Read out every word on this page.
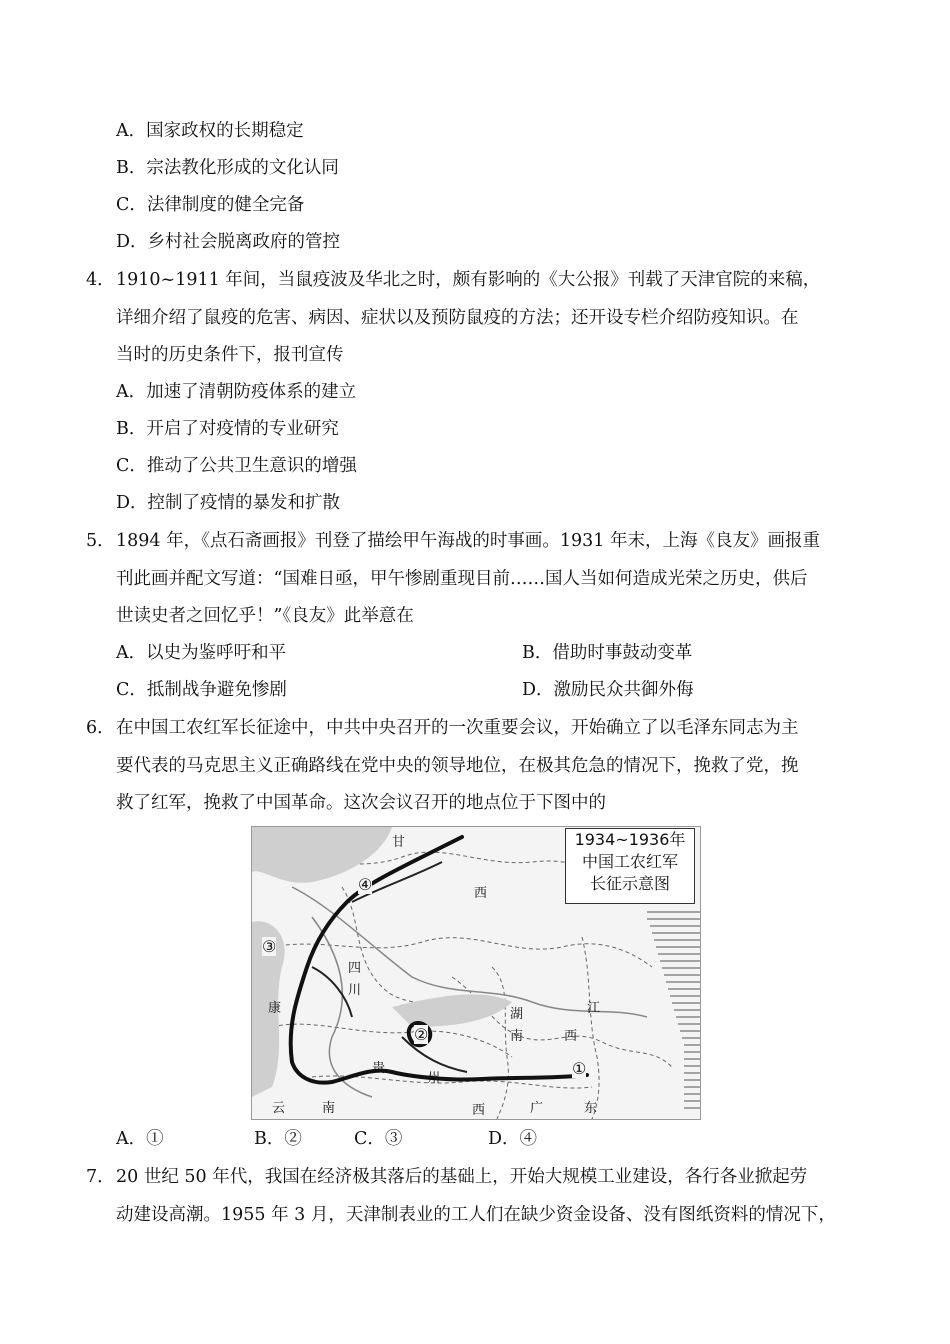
A．国家政权的长期稳定
B．宗法教化形成的文化认同
C．法律制度的健全完备
D．乡村社会脱离政府的管控
4． 1910~1911 年间，当鼠疫波及华北之时，颇有影响的《大公报》刊载了天津官院的来稿，
详细介绍了鼠疫的危害、病因、症状以及预防鼠疫的方法；还开设专栏介绍防疫知识。在
当时的历史条件下，报刊宣传
A．加速了清朝防疫体系的建立
B．开启了对疫情的专业研究
C．推动了公共卫生意识的增强
D．控制了疫情的暴发和扩散
5． 1894 年，《点石斋画报》刊登了描绘甲午海战的时事画。1931 年末，上海《良友》画报重
刊此画并配文写道：“国难日亟，甲午惨剧重现目前……国人当如何造成光荣之历史，供后
世读史者之回忆乎！”《良友》此举意在
A．以史为鉴呼吁和平	B．借助时事鼓动变革
C．抵制战争避免惨剧	D．激励民众共御外侮
6． 在中国工农红军长征途中，中共中央召开的一次重要会议，开始确立了以毛泽东同志为主
要代表的马克思主义正确路线在党中央的领导地位，在极其危急的情况下，挽救了党，挽
救了红军，挽救了中国革命。这次会议召开的地点位于下图中的
甘
西
康
四
川
湖
南
江
西
贵
州
云	南	东
广
西
①
②
③
④
1934~1936年
中国工农红军
长征示意图
A．①	B．②	C．③	D．④
7． 20 世纪 50 年代，我国在经济极其落后的基础上，开始大规模工业建设，各行各业掀起劳
动建设高潮。1955 年 3 月，天津制表业的工人们在缺少资金设备、没有图纸资料的情况下，
